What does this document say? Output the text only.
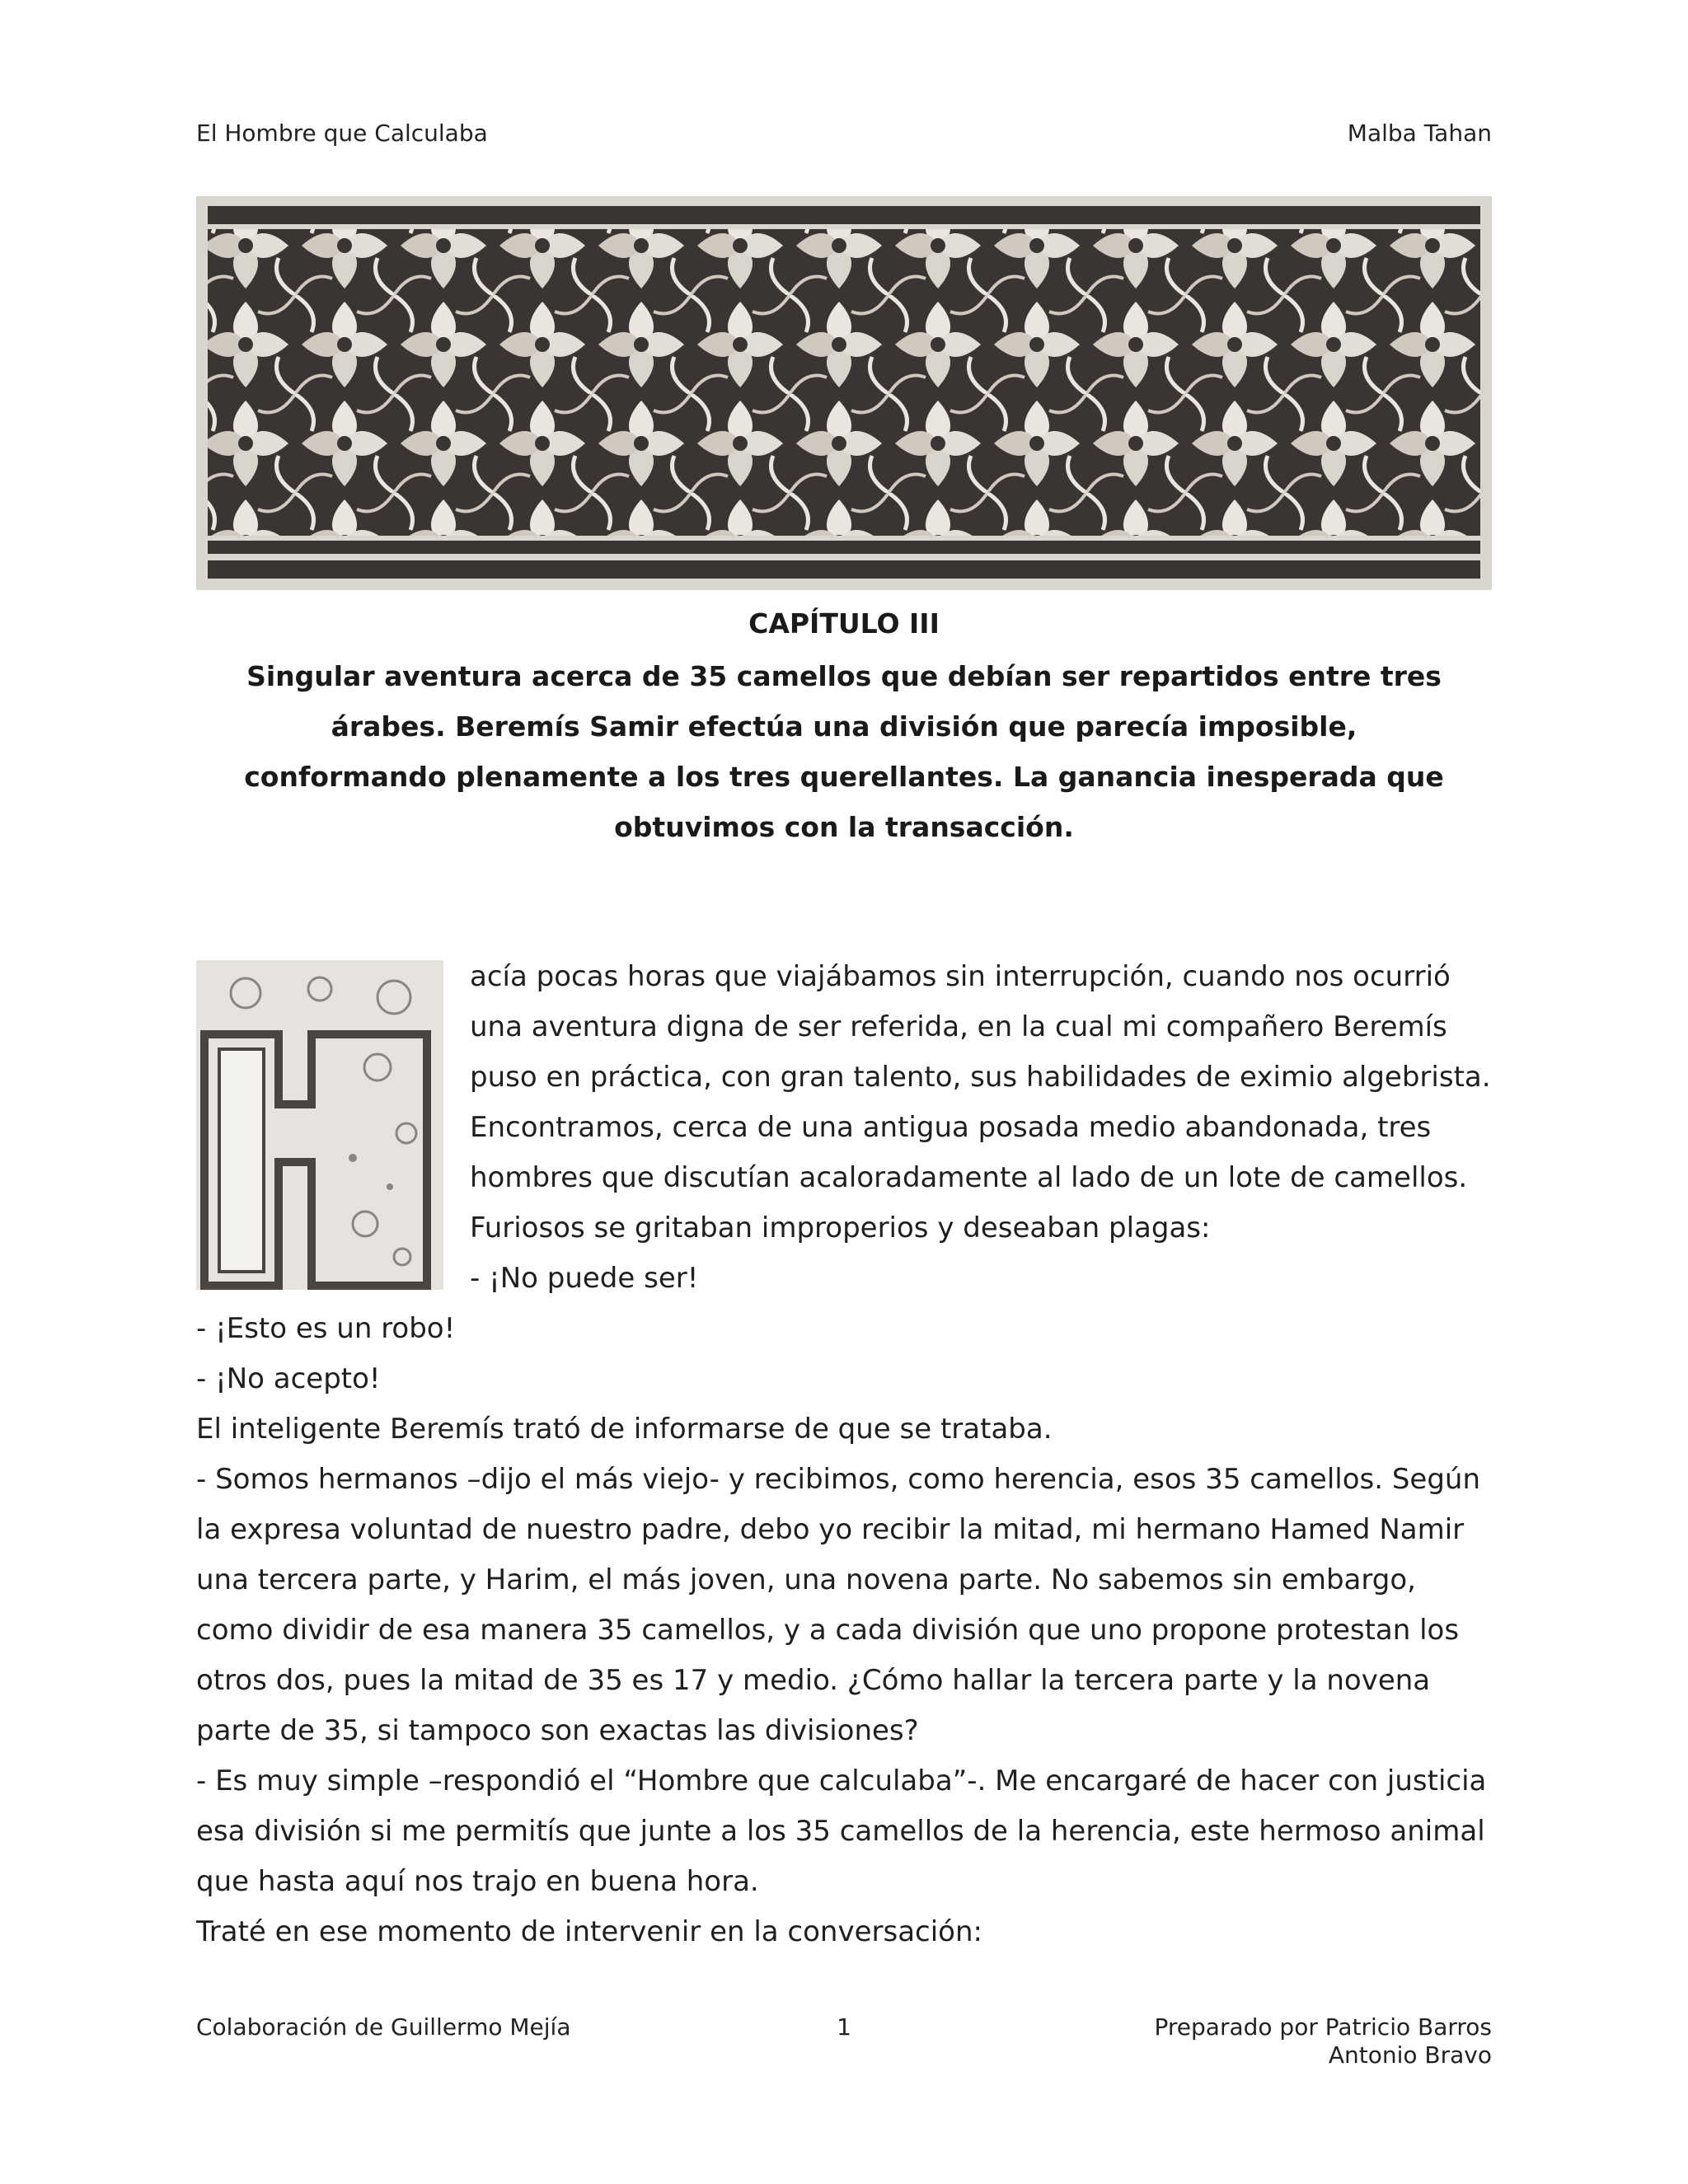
El Hombre que Calculaba	Malba Tahan
CAPÍTULO III
Singular aventura acerca de 35 camellos que debían ser repartidos entre tres
árabes. Beremís Samir efectúa una división que parecía imposible,
conformando plenamente a los tres querellantes. La ganancia inesperada que
obtuvimos con la transacción.
acía pocas horas que viajábamos sin interrupción, cuando nos ocurrió
una aventura digna de ser referida, en la cual mi compañero Beremís
puso en práctica, con gran talento, sus habilidades de eximio algebrista.
Encontramos, cerca de una antigua posada medio abandonada, tres
hombres que discutían acaloradamente al lado de un lote de camellos.
Furiosos se gritaban improperios y deseaban plagas:
- ¡No puede ser!
- ¡Esto es un robo!
- ¡No acepto!
El inteligente Beremís trató de informarse de que se trataba.
- Somos hermanos –dijo el más viejo- y recibimos, como herencia, esos 35 camellos. Según
la expresa voluntad de nuestro padre, debo yo recibir la mitad, mi hermano Hamed Namir
una tercera parte, y Harim, el más joven, una novena parte. No sabemos sin embargo,
como dividir de esa manera 35 camellos, y a cada división que uno propone protestan los
otros dos, pues la mitad de 35 es 17 y medio. ¿Cómo hallar la tercera parte y la novena
parte de 35, si tampoco son exactas las divisiones?
- Es muy simple –respondió el “Hombre que calculaba”-. Me encargaré de hacer con justicia
esa división si me permitís que junte a los 35 camellos de la herencia, este hermoso animal
que hasta aquí nos trajo en buena hora.
Traté en ese momento de intervenir en la conversación:
Colaboración de Guillermo Mejía	1	Preparado por Patricio Barros
Antonio Bravo
